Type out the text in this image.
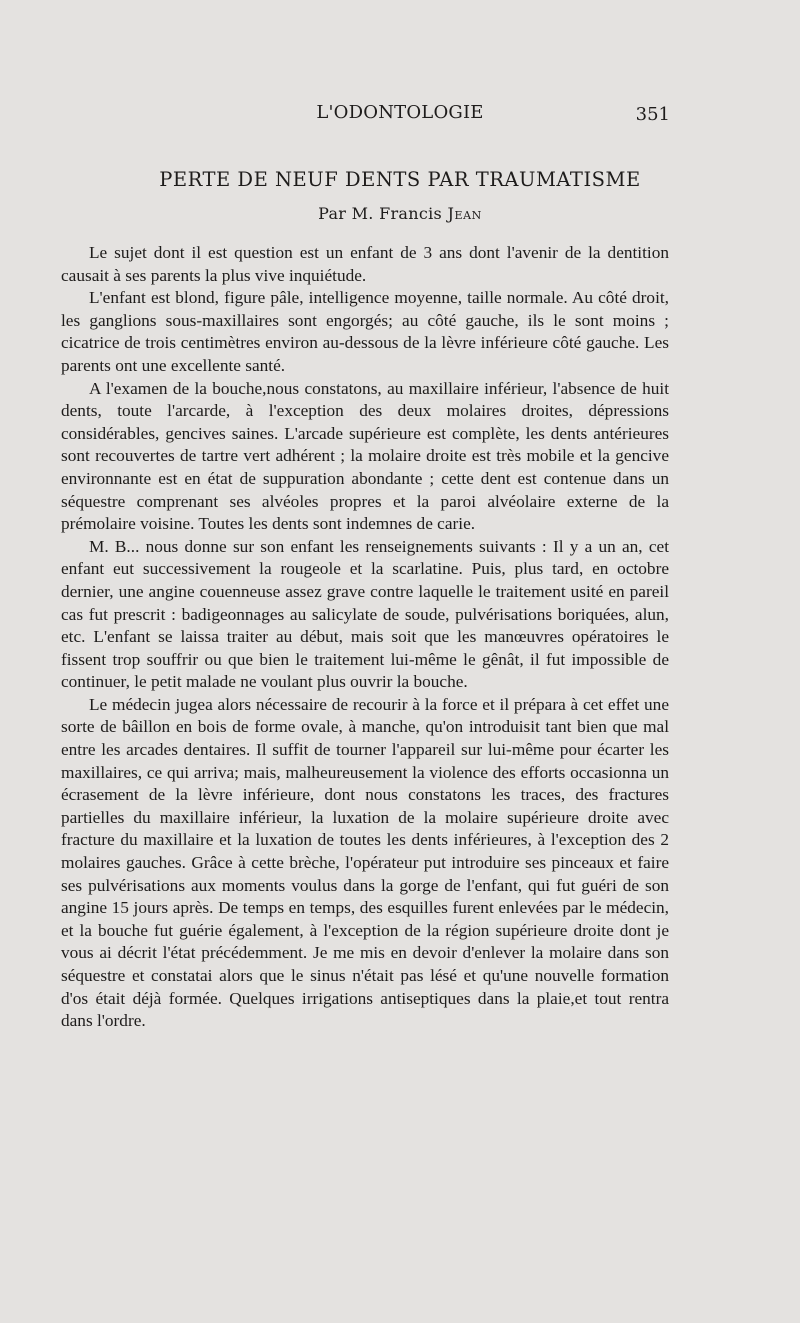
L'ODONTOLOGIE	351
PERTE DE NEUF DENTS PAR TRAUMATISME
Par M. Francis Jean

Le sujet dont il est question est un enfant de 3 ans dont l'avenir de la dentition causait à ses parents la plus vive inquiétude.

L'enfant est blond, figure pâle, intelligence moyenne, taille normale. Au côté droit, les ganglions sous-maxillaires sont engorgés; au côté gauche, ils le sont moins ; cicatrice de trois centimètres environ au-dessous de la lèvre inférieure côté gauche. Les parents ont une excellente santé.

A l'examen de la bouche,nous constatons, au maxillaire inférieur, l'absence de huit dents, toute l'arcarde, à l'exception des deux molaires droites, dépressions considérables, gencives saines. L'arcade supérieure est complète, les dents antérieures sont recouvertes de tartre vert adhérent ; la molaire droite est très mobile et la gencive environnante est en état de suppuration abondante ; cette dent est contenue dans un séquestre comprenant ses alvéoles propres et la paroi alvéolaire externe de la prémolaire voisine. Toutes les dents sont indemnes de carie.

M. B... nous donne sur son enfant les renseignements suivants : Il y a un an, cet enfant eut successivement la rougeole et la scarlatine. Puis, plus tard, en octobre dernier, une angine couenneuse assez grave contre laquelle le traitement usité en pareil cas fut prescrit : badigeonnages au salicylate de soude, pulvérisations boriquées, alun, etc. L'enfant se laissa traiter au début, mais soit que les manœuvres opératoires le fissent trop souffrir ou que bien le traitement lui-même le gênât, il fut impossible de continuer, le petit malade ne voulant plus ouvrir la bouche.

Le médecin jugea alors nécessaire de recourir à la force et il prépara à cet effet une sorte de bâillon en bois de forme ovale, à manche, qu'on introduisit tant bien que mal entre les arcades dentaires. Il suffit de tourner l'appareil sur lui-même pour écarter les maxillaires, ce qui arriva; mais, malheureusement la violence des efforts occasionna un écrasement de la lèvre inférieure, dont nous constatons les traces, des fractures partielles du maxillaire inférieur, la luxation de la molaire supérieure droite avec fracture du maxillaire et la luxation de toutes les dents inférieures, à l'exception des 2 molaires gauches. Grâce à cette brèche, l'opérateur put introduire ses pinceaux et faire ses pulvérisations aux moments voulus dans la gorge de l'enfant, qui fut guéri de son angine 15 jours après. De temps en temps, des esquilles furent enlevées par le médecin, et la bouche fut guérie également, à l'exception de la région supérieure droite dont je vous ai décrit l'état précédemment. Je me mis en devoir d'enlever la molaire dans son séquestre et constatai alors que le sinus n'était pas lésé et qu'une nouvelle formation d'os était déjà formée. Quelques irrigations antiseptiques dans la plaie,et tout rentra dans l'ordre.
